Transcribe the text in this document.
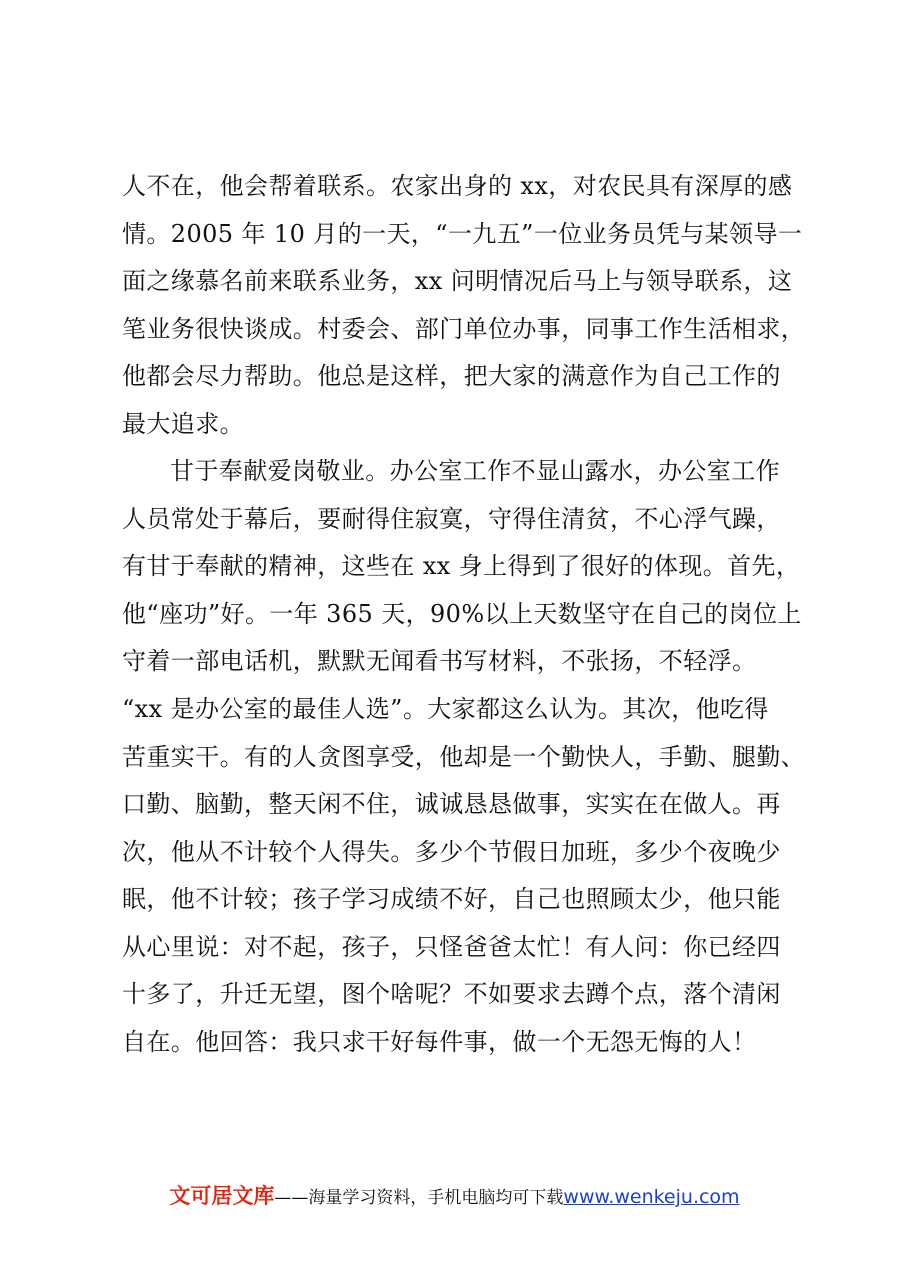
人不在，他会帮着联系。农家出身的 xx，对农民具有深厚的感
情。2005 年 10 月的一天，“一九五”一位业务员凭与某领导一
面之缘慕名前来联系业务，xx 问明情况后马上与领导联系，这
笔业务很快谈成。村委会、部门单位办事，同事工作生活相求，
他都会尽力帮助。他总是这样，把大家的满意作为自己工作的
最大追求。
甘于奉献爱岗敬业。办公室工作不显山露水，办公室工作
人员常处于幕后，要耐得住寂寞，守得住清贫，不心浮气躁，
有甘于奉献的精神，这些在 xx 身上得到了很好的体现。首先，
他“座功”好。一年 365 天，90%以上天数坚守在自己的岗位上
守着一部电话机，默默无闻看书写材料，不张扬，不轻浮。
“xx 是办公室的最佳人选”。大家都这么认为。其次，他吃得
苦重实干。有的人贪图享受，他却是一个勤快人，手勤、腿勤、
口勤、脑勤，整天闲不住，诚诚恳恳做事，实实在在做人。再
次，他从不计较个人得失。多少个节假日加班，多少个夜晚少
眠，他不计较；孩子学习成绩不好，自己也照顾太少，他只能
从心里说：对不起，孩子，只怪爸爸太忙！有人问：你已经四
十多了，升迁无望，图个啥呢？不如要求去蹲个点，落个清闲
自在。他回答：我只求干好每件事，做一个无怨无悔的人！
文可居文库——海量学习资料，手机电脑均可下载www.wenkeju.com
